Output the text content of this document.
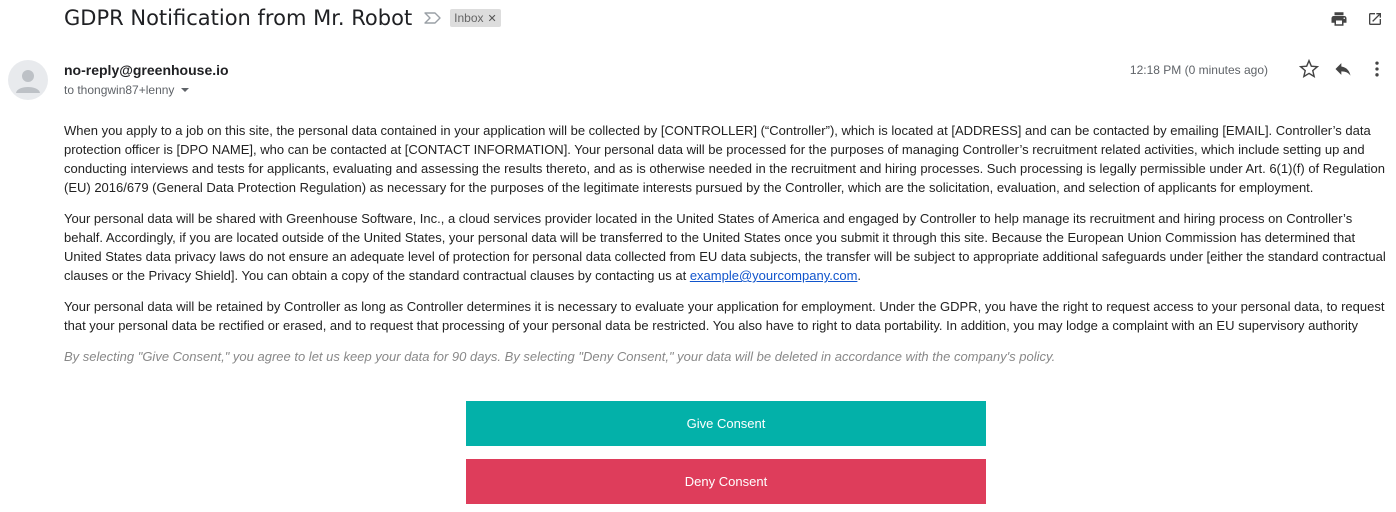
GDPR Notification from Mr. Robot	Inbox ✕
no-reply@greenhouse.io
to thongwin87+lenny
12:18 PM (0 minutes ago)

When you apply to a job on this site, the personal data contained in your application will be collected by [CONTROLLER] (“Controller”), which is located at [ADDRESS] and can be contacted by emailing [EMAIL]. Controller’s data protection officer is [DPO NAME], who can be contacted at [CONTACT INFORMATION]. Your personal data will be processed for the purposes of managing Controller’s recruitment related activities, which include setting up and conducting interviews and tests for applicants, evaluating and assessing the results thereto, and as is otherwise needed in the recruitment and hiring processes. Such processing is legally permissible under Art. 6(1)(f) of Regulation (EU) 2016/679 (General Data Protection Regulation) as necessary for the purposes of the legitimate interests pursued by the Controller, which are the solicitation, evaluation, and selection of applicants for employment.

Your personal data will be shared with Greenhouse Software, Inc., a cloud services provider located in the United States of America and engaged by Controller to help manage its recruitment and hiring process on Controller’s behalf. Accordingly, if you are located outside of the United States, your personal data will be transferred to the United States once you submit it through this site. Because the European Union Commission has determined that United States data privacy laws do not ensure an adequate level of protection for personal data collected from EU data subjects, the transfer will be subject to appropriate additional safeguards under [either the standard contractual clauses or the Privacy Shield]. You can obtain a copy of the standard contractual clauses by contacting us at example@yourcompany.com.

Your personal data will be retained by Controller as long as Controller determines it is necessary to evaluate your application for employment. Under the GDPR, you have the right to request access to your personal data, to request that your personal data be rectified or erased, and to request that processing of your personal data be restricted. You also have to right to data portability. In addition, you may lodge a complaint with an EU supervisory authority

By selecting "Give Consent," you agree to let us keep your data for 90 days. By selecting "Deny Consent," your data will be deleted in accordance with the company's policy.

Give Consent
Deny Consent
